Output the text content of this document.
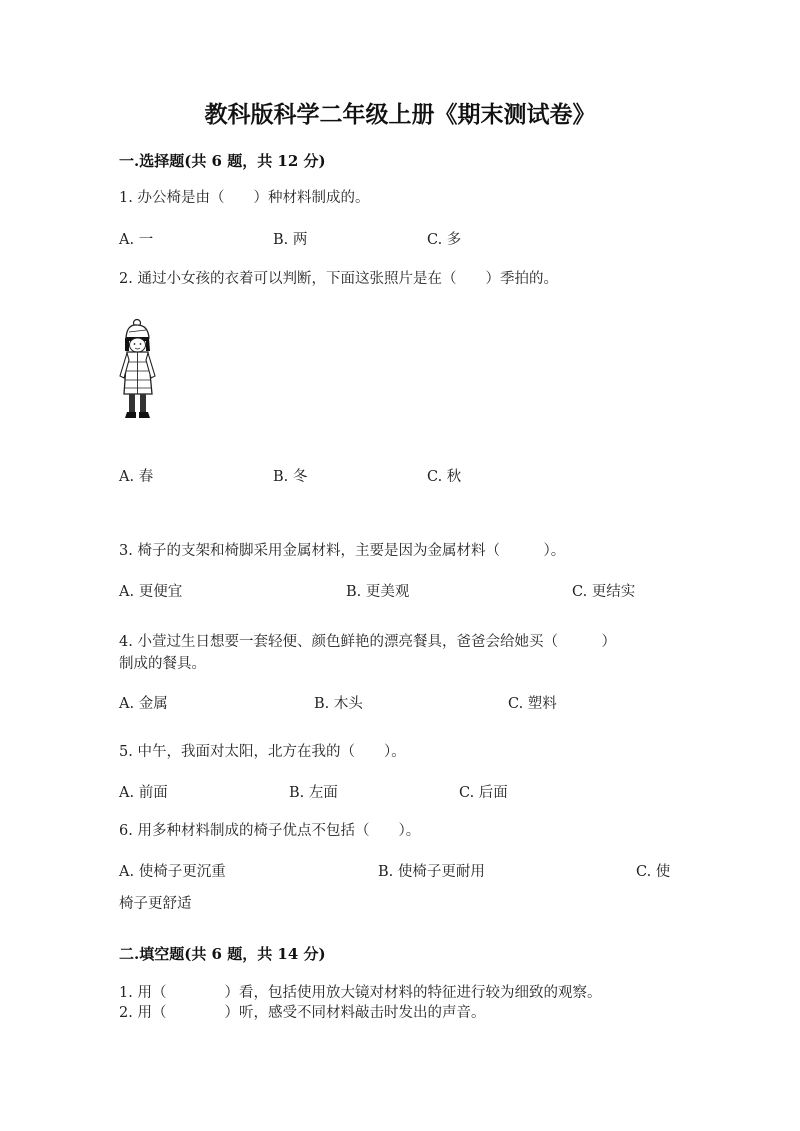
教科版科学二年级上册《期末测试卷》
一.选择题(共 6 题，共 12 分)
1. 办公椅是由（　　）种材料制成的。
A. 一	B. 两	C. 多
2. 通过小女孩的衣着可以判断，下面这张照片是在（　　）季拍的。
A. 春	B. 冬	C. 秋
3. 椅子的支架和椅脚采用金属材料，主要是因为金属材料（　　　）。
A. 更便宜	B. 更美观	C. 更结实
4. 小萱过生日想要一套轻便、颜色鲜艳的漂亮餐具，爸爸会给她买（　　　）
制成的餐具。
A. 金属	B. 木头	C. 塑料
5. 中午，我面对太阳，北方在我的（　　）。
A. 前面	B. 左面	C. 后面
6. 用多种材料制成的椅子优点不包括（　　）。
A. 使椅子更沉重	B. 使椅子更耐用	C. 使
椅子更舒适
二.填空题(共 6 题，共 14 分)
1. 用（　　　　）看，包括使用放大镜对材料的特征进行较为细致的观察。
2. 用（　　　　）听，感受不同材料敲击时发出的声音。
